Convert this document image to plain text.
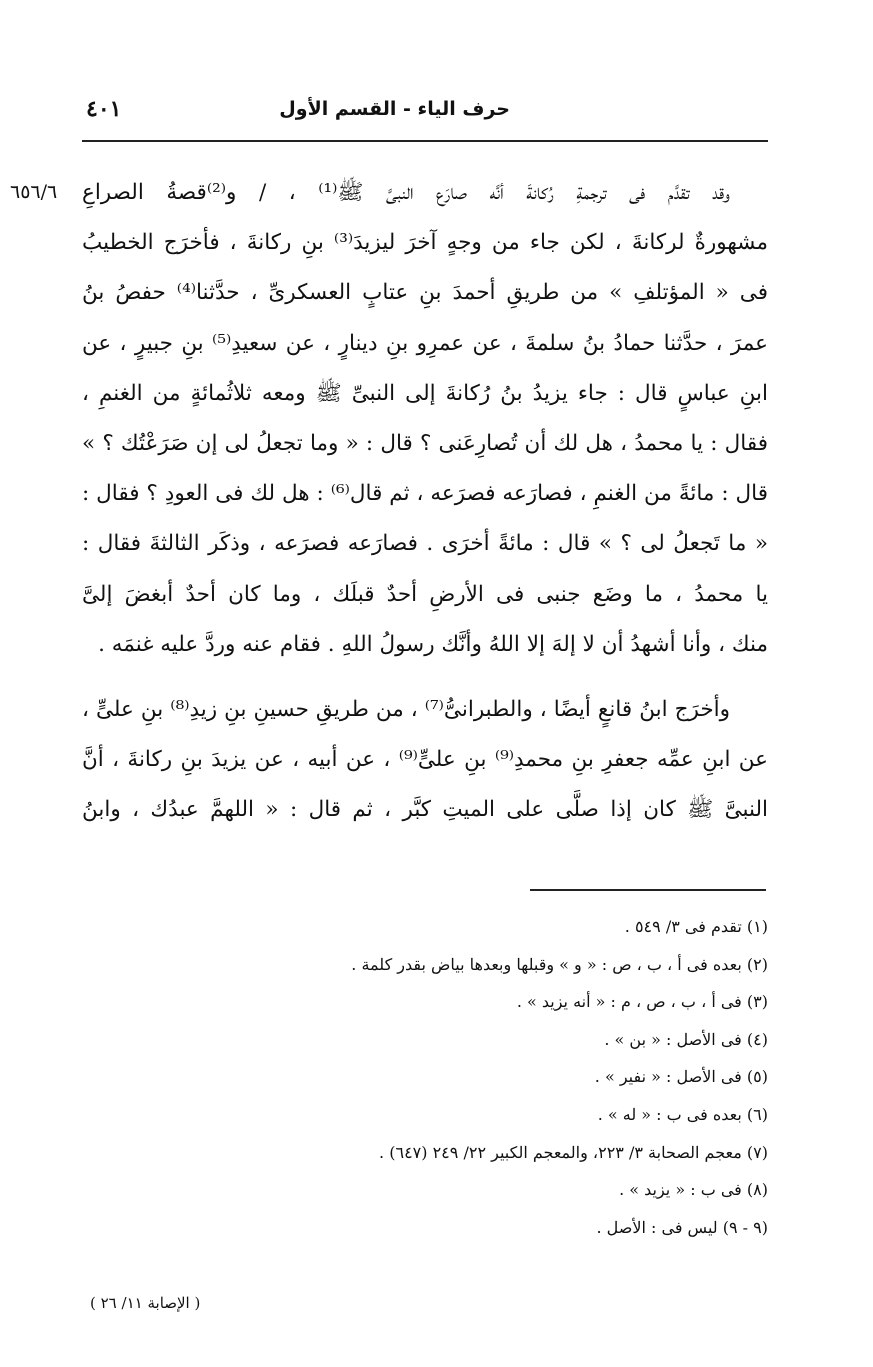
حرف الياء - القسم الأول
٤٠١
٦٥٦/٦ وقد تقدَّم فى ترجمةِ رُكانةَ أنَّه صارَع النبىَّ ﷺ⁽¹⁾ ، / و⁽²⁾قصةُ الصراعِ
مشهورةٌ لركانةَ ، لكن جاء من وجهٍ آخرَ ليزيدَ⁽³⁾ بنِ ركانةَ ، فأخرَج الخطيبُ
فى « المؤتلفِ » من طريقِ أحمدَ بنِ عتابٍ العسكرىِّ ، حدَّثنا⁽⁴⁾ حفصُ بنُ
عمرَ ، حدَّثنا حمادُ بنُ سلمةَ ، عن عمرِو بنِ دينارٍ ، عن سعيدِ⁽⁵⁾ بنِ جبيرٍ ، عن
ابنِ عباسٍ قال : جاء يزيدُ بنُ رُكانةَ إلى النبىِّ ﷺ ومعه ثلاثُمائةٍ من الغنمِ ،
فقال : يا محمدُ ، هل لك أن تُصارِعَنى ؟ قال : « وما تجعلُ لى إن صَرَعْتُك ؟ »
قال : مائةً من الغنمِ ، فصارَعه فصرَعه ، ثم قال⁽⁶⁾ : هل لك فى العودِ ؟ فقال :
« ما تَجعلُ لى ؟ » قال : مائةً أخرَى . فصارَعه فصرَعه ، وذكَر الثالثةَ فقال :
يا محمدُ ، ما وضَع جنبى فى الأرضِ أحدٌ قبلَك ، وما كان أحدٌ أبغضَ إلىَّ
منك ، وأنا أشهدُ أن لا إلهَ إلا اللهُ وأنَّك رسولُ اللهِ . فقام عنه وردَّ عليه غنمَه .
وأخرَج ابنُ قانعٍ أيضًا ، والطبرانىُّ⁽⁷⁾ ، من طريقِ حسينِ بنِ زيدِ⁽⁸⁾ بنِ علىٍّ ،
عن ابنِ عمِّه جعفرِ بنِ محمدِ⁽⁹⁾ بنِ علىٍّ⁽⁹⁾ ، عن أبيه ، عن يزيدَ بنِ ركانةَ ، أنَّ
النبىَّ ﷺ كان إذا صلَّى على الميتِ كبَّر ، ثم قال : « اللهمَّ عبدُك ، وابنُ
(١) تقدم فى ٣/ ٥٤٩ .
(٢) بعده فى أ ، ب ، ص : « و » وقبلها وبعدها بياض بقدر كلمة .
(٣) فى أ ، ب ، ص ، م : « أنه يزيد » .
(٤) فى الأصل : « بن » .
(٥) فى الأصل : « نفير » .
(٦) بعده فى ب : « له » .
(٧) معجم الصحابة ٣/ ٢٢٣، والمعجم الكبير ٢٢/ ٢٤٩ (٦٤٧) .
(٨) فى ب : « يزيد » .
(٩ - ٩) ليس فى : الأصل .
( الإصابة ١١/ ٢٦ )
